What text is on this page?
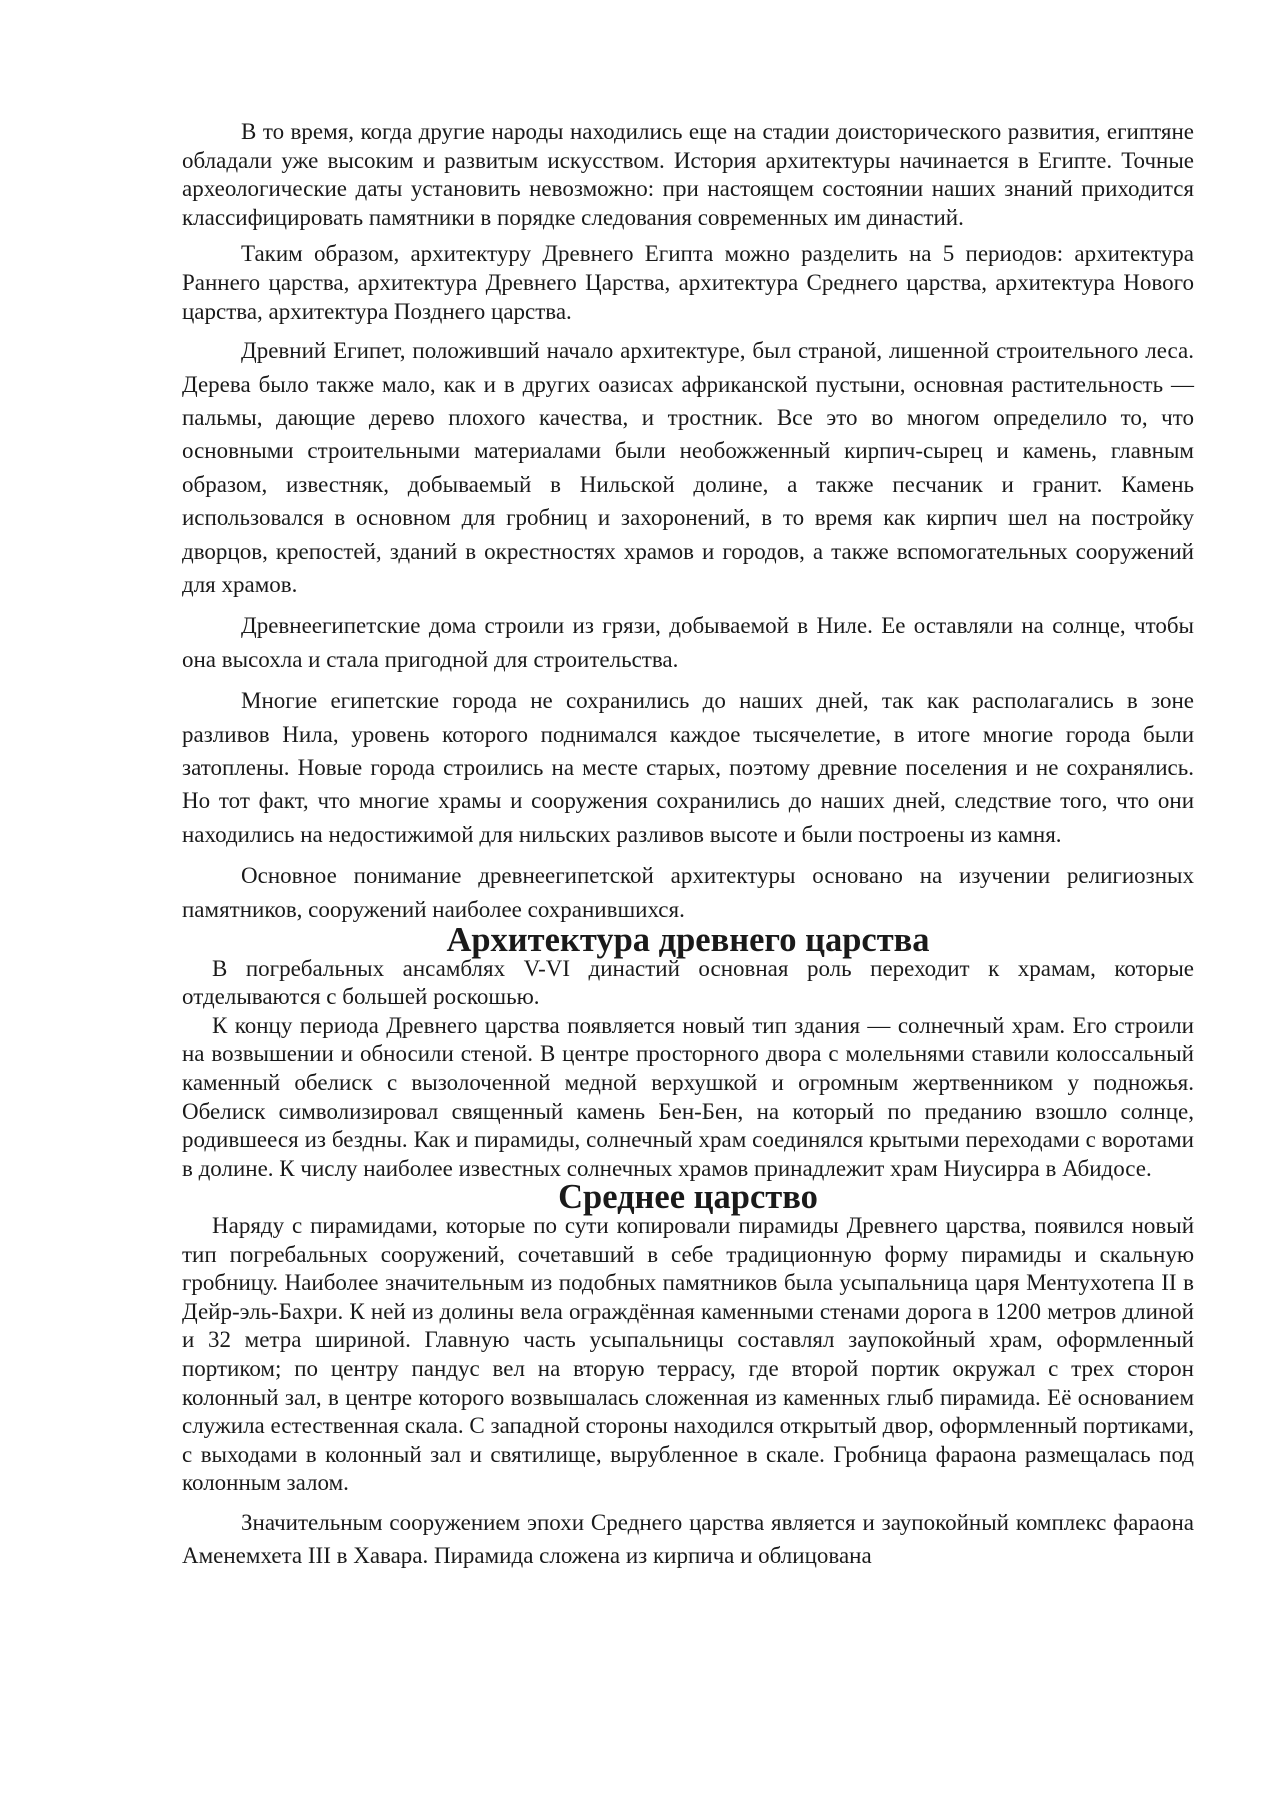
В то время, когда другие народы находились еще на стадии доисторического развития, египтяне обладали уже высоким и развитым искусством. История архитектуры начинается в Египте. Точные археологические даты установить невозможно: при настоящем состоянии наших знаний приходится классифицировать памятники в порядке следования современных им династий.

Таким образом, архитектуру Древнего Египта можно разделить на 5 периодов: архитектура Раннего царства, архитектура Древнего Царства, архитектура Среднего царства, архитектура Нового царства, архитектура Позднего царства.

Древний Египет, положивший начало архитектуре, был страной, лишенной строительного леса. Дерева было также мало, как и в других оазисах африканской пустыни, основная растительность — пальмы, дающие дерево плохого качества, и тростник. Все это во многом определило то, что основными строительными материалами были необожженный кирпич-сырец и камень, главным образом, известняк, добываемый в Нильской долине, а также песчаник и гранит. Камень использовался в основном для гробниц и захоронений, в то время как кирпич шел на постройку дворцов, крепостей, зданий в окрестностях храмов и городов, а также вспомогательных сооружений для храмов.

Древнеегипетские дома строили из грязи, добываемой в Ниле. Ее оставляли на солнце, чтобы она высохла и стала пригодной для строительства.

Многие египетские города не сохранились до наших дней, так как располагались в зоне разливов Нила, уровень которого поднимался каждое тысячелетие, в итоге многие города были затоплены. Новые города строились на месте старых, поэтому древние поселения и не сохранялись. Но тот факт, что многие храмы и сооружения сохранились до наших дней, следствие того, что они находились на недостижимой для нильских разливов высоте и были построены из камня.

Основное понимание древнеегипетской архитектуры основано на изучении религиозных памятников, сооружений наиболее сохранившихся.

Архитектура древнего царства

В погребальных ансамблях V-VI династий основная роль переходит к храмам, которые отделываются с большей роскошью.

К концу периода Древнего царства появляется новый тип здания — солнечный храм. Его строили на возвышении и обносили стеной. В центре просторного двора с молельнями ставили колоссальный каменный обелиск с вызолоченной медной верхушкой и огромным жертвенником у подножья. Обелиск символизировал священный камень Бен-Бен, на который по преданию взошло солнце, родившееся из бездны. Как и пирамиды, солнечный храм соединялся крытыми переходами с воротами в долине. К числу наиболее известных солнечных храмов принадлежит храм Ниусирра в Абидосе.

Среднее царство

Наряду с пирамидами, которые по сути копировали пирамиды Древнего царства, появился новый тип погребальных сооружений, сочетавший в себе традиционную форму пирамиды и скальную гробницу. Наиболее значительным из подобных памятников была усыпальница царя Ментухотепа II в Дейр-эль-Бахри. К ней из долины вела ограждённая каменными стенами дорога в 1200 метров длиной и 32 метра шириной. Главную часть усыпальницы составлял заупокойный храм, оформленный портиком; по центру пандус вел на вторую террасу, где второй портик окружал с трех сторон колонный зал, в центре которого возвышалась сложенная из каменных глыб пирамида. Её основанием служила естественная скала. С западной стороны находился открытый двор, оформленный портиками, с выходами в колонный зал и святилище, вырубленное в скале. Гробница фараона размещалась под колонным залом.

Значительным сооружением эпохи Среднего царства является и заупокойный комплекс фараона Аменемхета III в Хавара. Пирамида сложена из кирпича и облицована
